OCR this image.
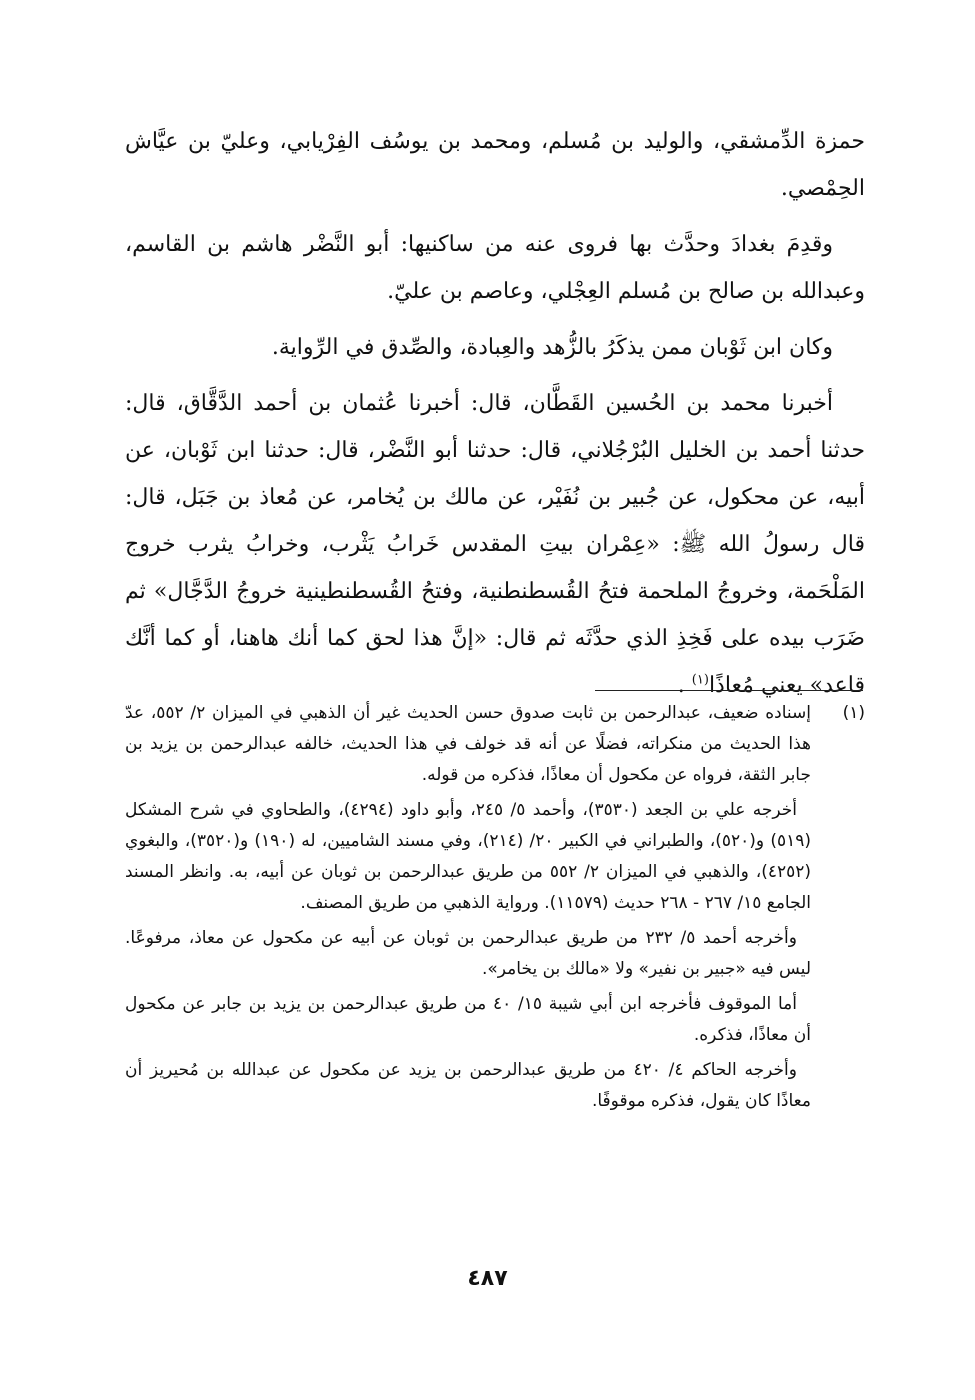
حمزة الدِّمشقي، والوليد بن مُسلم، ومحمد بن يوسُف الفِرْيابي، وعليّ بن عيَّاش الحِمْصي.

وقدِمَ بغدادَ وحدَّث بها فروى عنه من ساكنيها: أبو النَّضْر هاشم بن القاسم، وعبدالله بن صالح بن مُسلم العِجْلي، وعاصم بن عليّ.

وكان ابن ثَوْبان ممن يذكَرُ بالزُّهد والعِبادة، والصِّدق في الرِّواية.

أخبرنا محمد بن الحُسين القَطَّان، قال: أخبرنا عُثمان بن أحمد الدَّقَّاق، قال: حدثنا أحمد بن الخليل البُرْجُلاني، قال: حدثنا أبو النَّضْر، قال: حدثنا ابن ثَوْبان، عن أبيه، عن محكول، عن جُبير بن نُفَيْر، عن مالك بن يُخامر، عن مُعاذ بن جَبَل، قال: قال رسولُ الله ﷺ: «عِمْران بيتِ المقدس خَرابُ يَثْرب، وخرابُ يثرب خروج المَلْحَمة، وخروجُ الملحمة فتحُ القُسطنطنية، وفتحُ القُسطنطينية خروجُ الدَّجَّال» ثم ضَرَب بيده على فَخِذِ الذي حدَّثَه ثم قال: «إنَّ هذا لحق كما أنك هاهنا، أو كما أنَّك قاعد» يعني مُعاذًا$^{(١)}$ .

(١)

إسناده ضعيف، عبدالرحمن بن ثابت صدوق حسن الحديث غير أن الذهبي في الميزان ٢/ ٥٥٢، عدّ هذا الحديث من منكراته، فضلًا عن أنه قد خولف في هذا الحديث، خالفه عبدالرحمن بن يزيد بن جابر الثقة، فرواه عن مكحول أن معاذًا، فذكره من قوله.

أخرجه علي بن الجعد (٣٥٣٠)، وأحمد ٥/ ٢٤٥، وأبو داود (٤٢٩٤)، والطحاوي في شرح المشكل (٥١٩) و(٥٢٠)، والطبراني في الكبير ٢٠/ (٢١٤)، وفي مسند الشاميين، له (١٩٠) و(٣٥٢٠)، والبغوي (٤٢٥٢)، والذهبي في الميزان ٢/ ٥٥٢ من طريق عبدالرحمن بن ثوبان عن أبيه، به. وانظر المسند الجامع ١٥/ ٢٦٧ - ٢٦٨ حديث (١١٥٧٩). ورواية الذهبي من طريق المصنف.

وأخرجه أحمد ٥/ ٢٣٢ من طريق عبدالرحمن بن ثوبان عن أبيه عن مكحول عن معاذ، مرفوعًا. ليس فيه «جبير بن نفير» ولا «مالك بن يخامر».

أما الموقوف فأخرجه ابن أبي شيبة ١٥/ ٤٠ من طريق عبدالرحمن بن يزيد بن جابر عن مكحول أن معاذًا، فذكره.

وأخرجه الحاكم ٤/ ٤٢٠ من طريق عبدالرحمن بن يزيد عن مكحول عن عبدالله بن مُحيريز أن معاذًا كان يقول، فذكره موقوفًا.

٤٨٧
